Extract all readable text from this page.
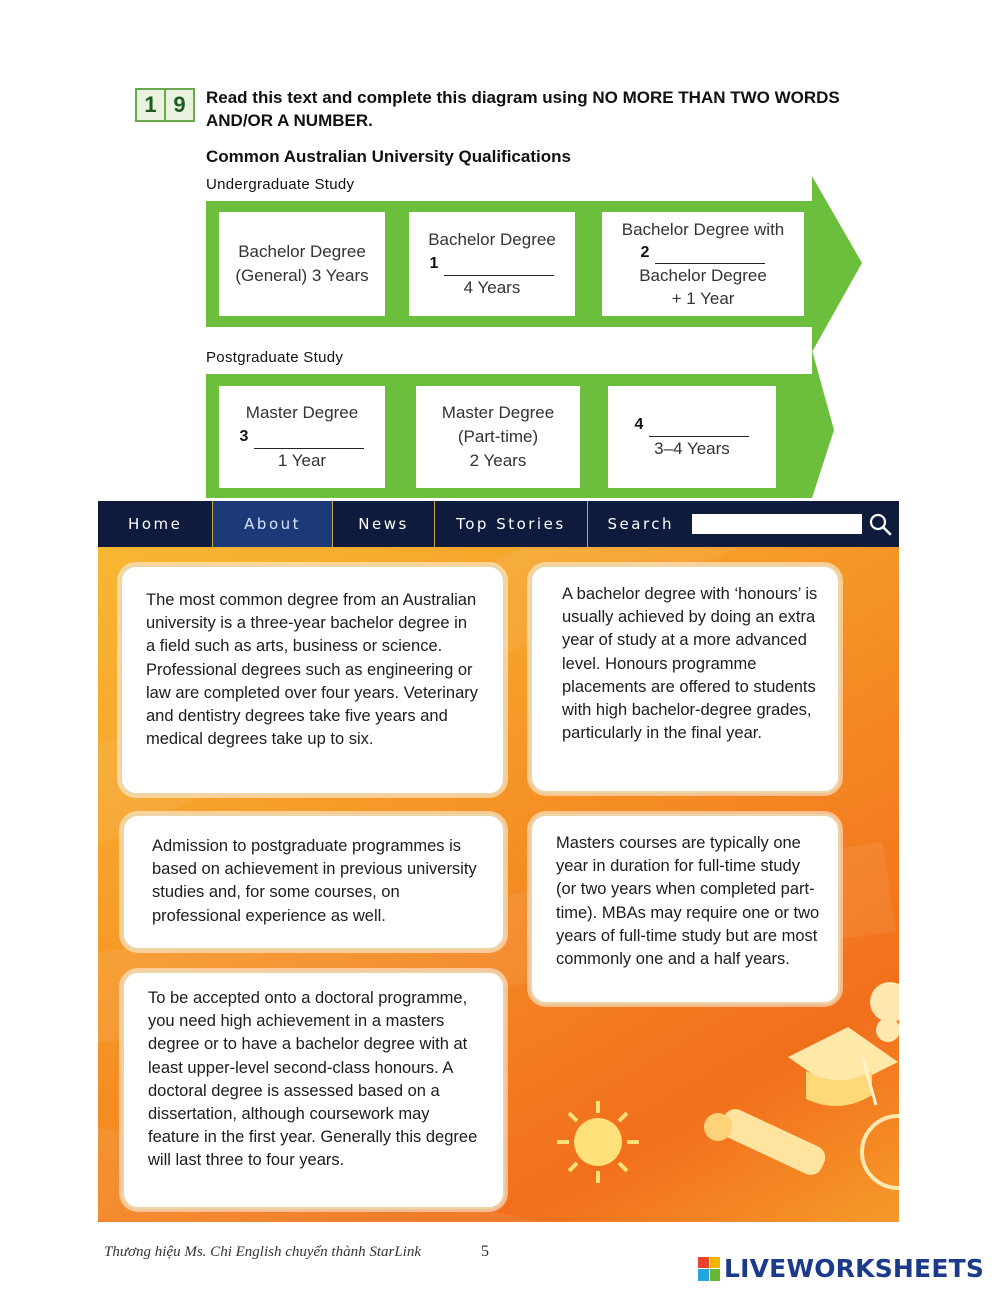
1 9	Read this text and complete this diagram using NO MORE THAN TWO WORDS
AND/OR A NUMBER.
Common Australian University Qualifications
Undergraduate Study
Postgraduate Study
Bachelor Degree
(General) 3 Years
Bachelor Degree
1
4 Years
Bachelor Degree with
2
Bachelor Degree
+ 1 Year
Master Degree
3
1 Year
Master Degree
(Part-time)
2 Years
4
3–4 Years
Home	About	News	Top Stories	Search
The most common degree from an Australian university is a three-year bachelor degree in a field such as arts, business or science. Professional degrees such as engineering or law are completed over four years. Veterinary and dentistry degrees take five years and medical degrees take up to six.
A bachelor degree with ‘honours’ is usually achieved by doing an extra year of study at a more advanced level. Honours programme placements are offered to students with high bachelor-degree grades, particularly in the final year.
Admission to postgraduate programmes is based on achievement in previous university studies and, for some courses, on professional experience as well.
Masters courses are typically one year in duration for full-time study (or two years when completed part-time). MBAs may require one or two years of full-time study but are most commonly one and a half years.
To be accepted onto a doctoral programme, you need high achievement in a masters degree or to have a bachelor degree with at least upper-level second-class honours. A doctoral degree is assessed based on a dissertation, although coursework may feature in the first year. Generally this degree will last three to four years.
Thương hiệu Ms. Chi English chuyển thành StarLink	5
LIVEWORKSHEETS
